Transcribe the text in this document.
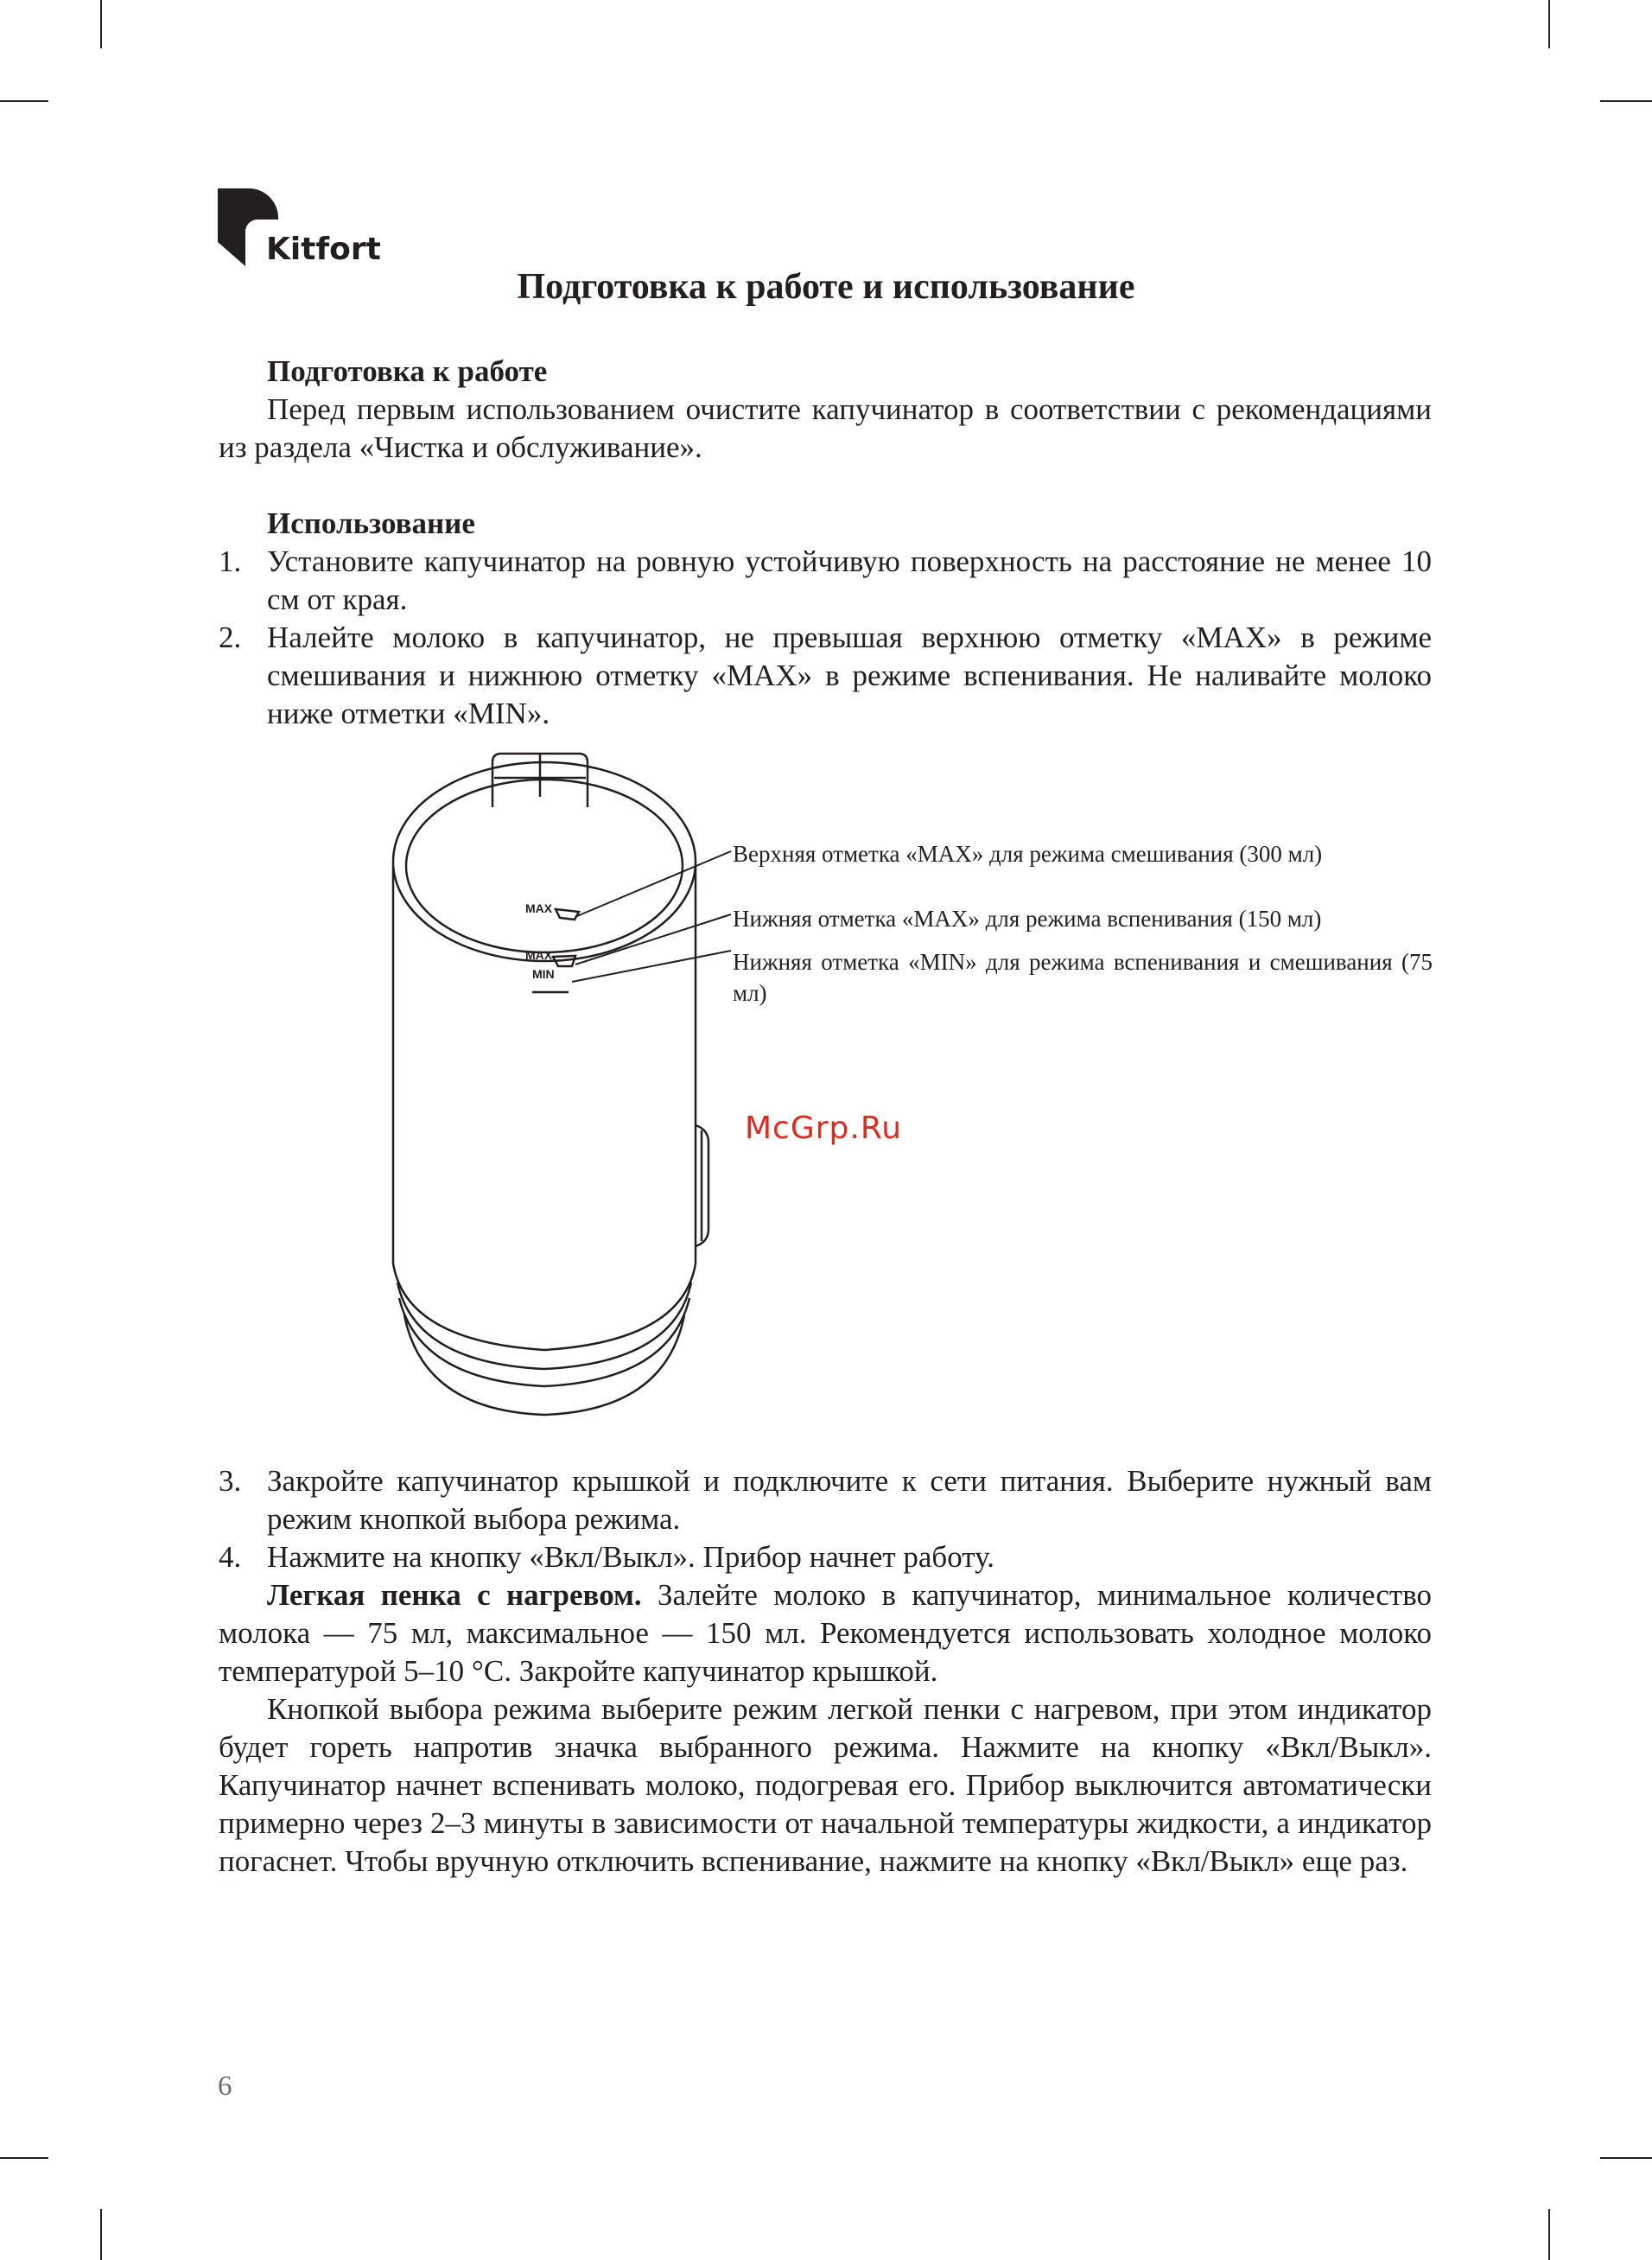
Kitfort
Подготовка к работе и использование
Подготовка к работе

Перед первым использованием очистите капучинатор в соответствии с рекомендациями из раздела «Чистка и обслуживание».

Использование
1. Установите капучинатор на ровную устойчивую поверхность на расстояние не менее 10 см от края.
2. Налейте молоко в капучинатор, не превышая верхнюю отметку «MAX» в режиме смешивания и нижнюю отметку «MAX» в режиме вспенивания. Не наливайте молоко ниже отметки «MIN».
MAX
MAX
MIN
Верхняя отметка «MAX» для режима смешивания (300 мл)
Нижняя отметка «MAX» для режима вспенивания (150 мл)
Нижняя отметка «MIN» для режима вспенивания и смешивания (75 мл)
McGrp.Ru
3. Закройте капучинатор крышкой и подключите к сети питания. Выберите нужный вам режим кнопкой выбора режима.
4. Нажмите на кнопку «Вкл/Выкл». Прибор начнет работу.

Легкая пенка с нагревом. Залейте молоко в капучинатор, минимальное количество молока — 75 мл, максимальное — 150 мл. Рекомендуется использовать холодное молоко температурой 5–10 °С. Закройте капучинатор крышкой.

Кнопкой выбора режима выберите режим легкой пенки с нагревом, при этом индикатор будет гореть напротив значка выбранного режима. Нажмите на кнопку «Вкл/Выкл». Капучинатор начнет вспенивать молоко, подогревая его. Прибор выключится автоматически примерно через 2–3 минуты в зависимости от начальной температуры жидкости, а индикатор погаснет. Чтобы вручную отключить вспенивание, нажмите на кнопку «Вкл/Выкл» еще раз.

6
